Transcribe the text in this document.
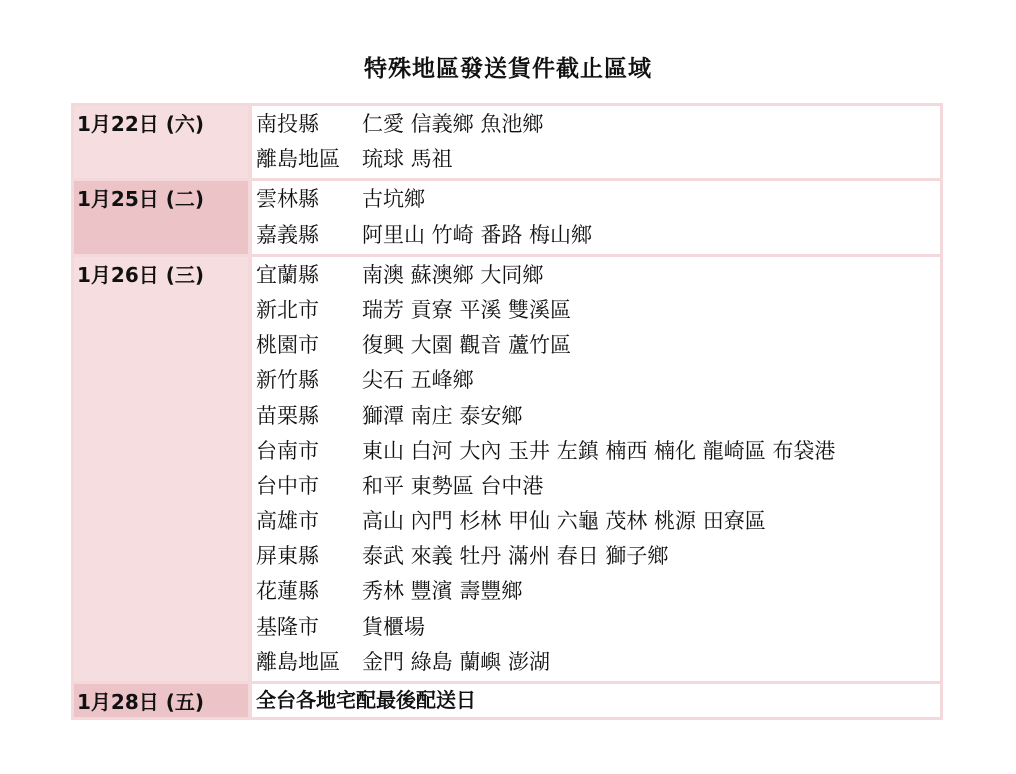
特殊地區發送貨件截止區域
1月22日 (六)	南投縣	仁愛 信義鄉 魚池鄉
離島地區	琉球 馬祖
1月25日 (二)	雲林縣	古坑鄉
嘉義縣	阿里山 竹崎 番路 梅山鄉
1月26日 (三)	宜蘭縣	南澳 蘇澳鄉 大同鄉
新北市	瑞芳 貢寮 平溪 雙溪區
桃園市	復興 大園 觀音 蘆竹區
新竹縣	尖石 五峰鄉
苗栗縣	獅潭 南庄 泰安鄉
台南市	東山 白河 大內 玉井 左鎮 楠西 楠化 龍崎區 布袋港
台中市	和平 東勢區 台中港
高雄市	高山 內門 杉林 甲仙 六龜 茂林 桃源 田寮區
屏東縣	泰武 來義 牡丹 滿州 春日 獅子鄉
花蓮縣	秀林 豐濱 壽豐鄉
基隆市	貨櫃場
離島地區	金門 綠島 蘭嶼 澎湖
1月28日 (五)	全台各地宅配最後配送日
